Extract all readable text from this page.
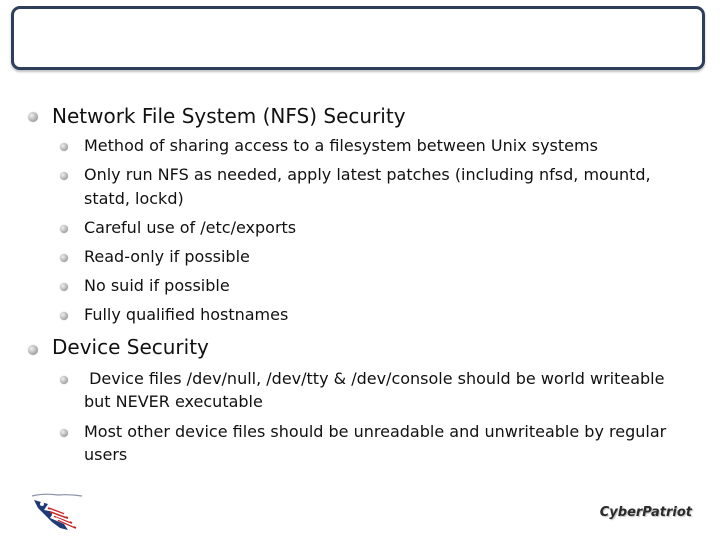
Network File System (NFS) Security
Method of sharing access to a filesystem between Unix systems
Only run NFS as needed, apply latest patches (including nfsd, mountd,
statd, lockd)
Careful use of /etc/exports
Read-only if possible
No suid if possible
Fully qualified hostnames
Device Security
Device files /dev/null, /dev/tty & /dev/console should be world writeable
but NEVER executable
Most other device files should be unreadable and unwriteable by regular
users
CyberPatriot
